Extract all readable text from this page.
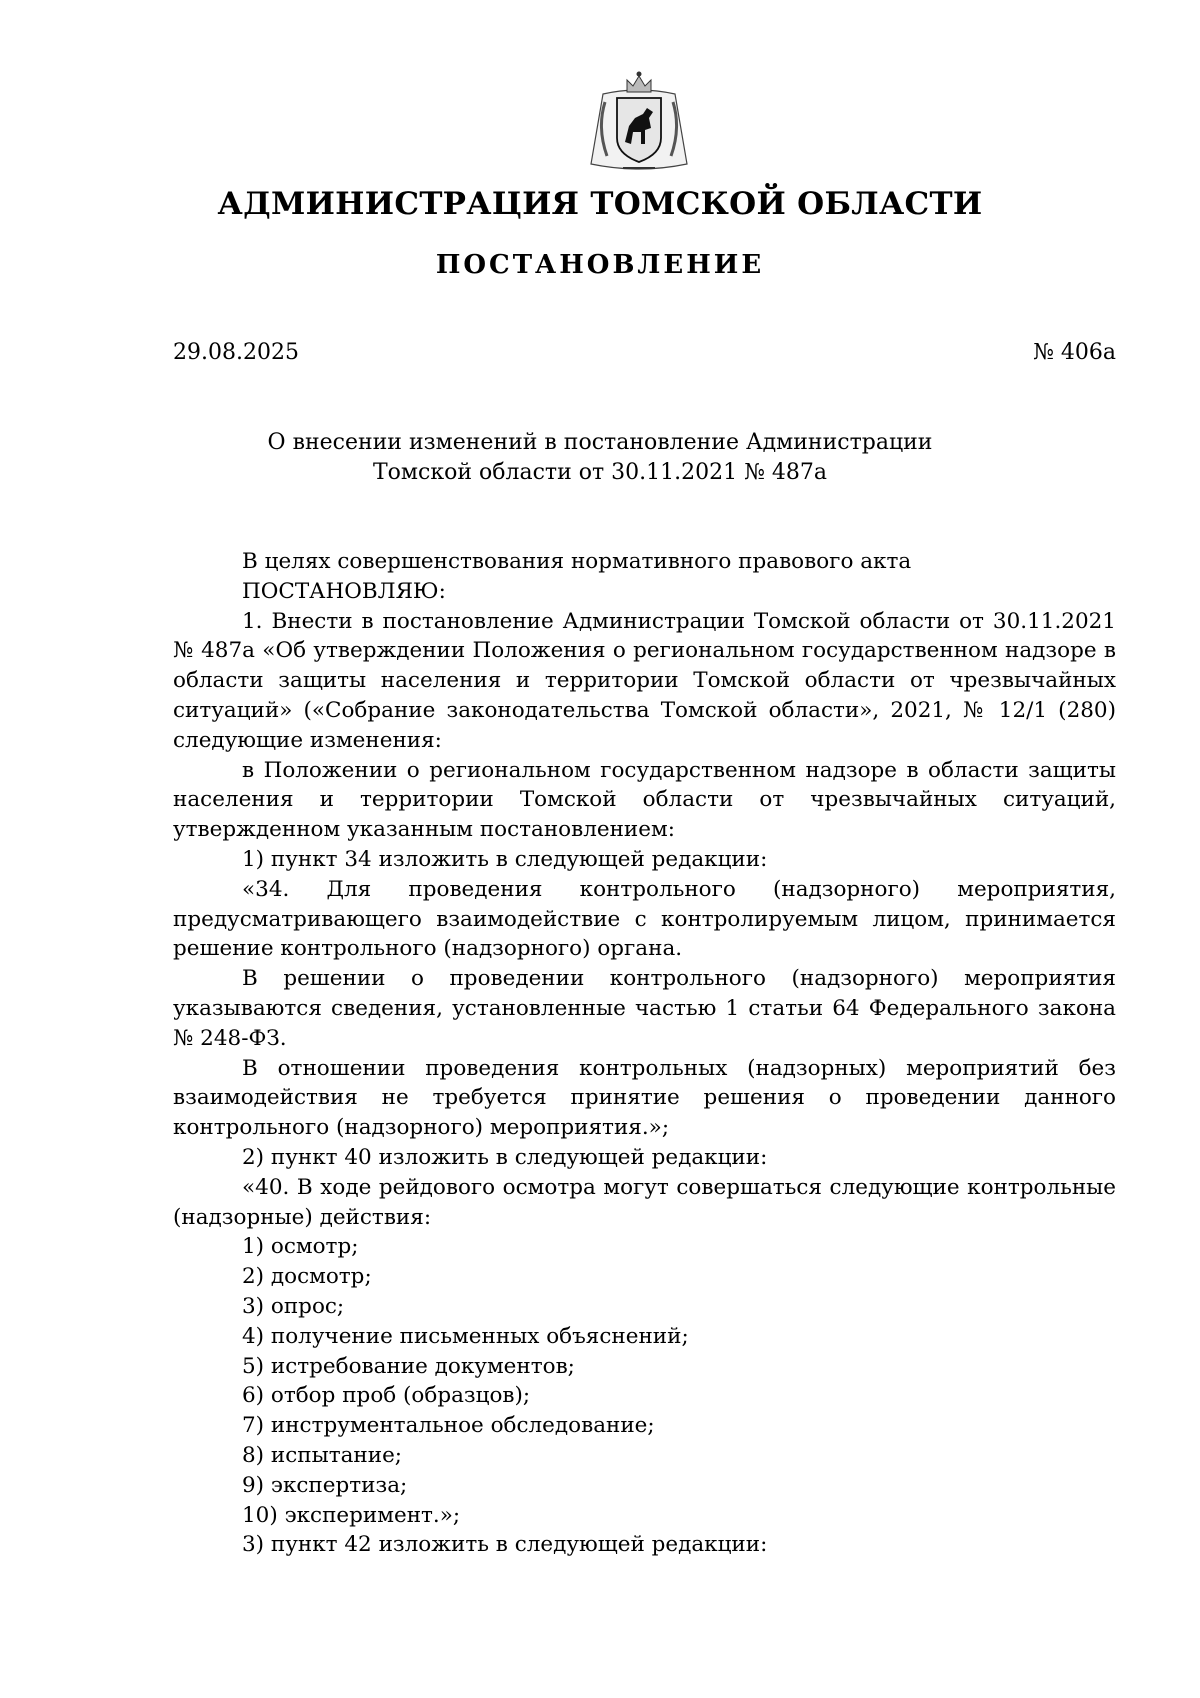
АДМИНИСТРАЦИЯ ТОМСКОЙ ОБЛАСТИ
ПОСТАНОВЛЕНИЕ
29.08.2025	№ 406а
О внесении изменений в постановление Администрации
Томской области от 30.11.2021 № 487а

В целях совершенствования нормативного правового акта

ПОСТАНОВЛЯЮ:

1. Внести в постановление Администрации Томской области от 30.11.2021 № 487а «Об утверждении Положения о региональном государственном надзоре в области защиты населения и территории Томской области от чрезвычайных ситуаций» («Собрание законодательства Томской области», 2021, № 12/1 (280) следующие изменения:

в Положении о региональном государственном надзоре в области защиты населения и территории Томской области от чрезвычайных ситуаций, утвержденном указанным постановлением:

1) пункт 34 изложить в следующей редакции:

«34. Для проведения контрольного (надзорного) мероприятия, предусматривающего взаимодействие с контролируемым лицом, принимается решение контрольного (надзорного) органа.

В решении о проведении контрольного (надзорного) мероприятия указываются сведения, установленные частью 1 статьи 64 Федерального закона № 248-ФЗ.

В отношении проведения контрольных (надзорных) мероприятий без взаимодействия не требуется принятие решения о проведении данного контрольного (надзорного) мероприятия.»;

2) пункт 40 изложить в следующей редакции:

«40. В ходе рейдового осмотра могут совершаться следующие контрольные (надзорные) действия:

1) осмотр;

2) досмотр;

3) опрос;

4) получение письменных объяснений;

5) истребование документов;

6) отбор проб (образцов);

7) инструментальное обследование;

8) испытание;

9) экспертиза;

10) эксперимент.»;

3) пункт 42 изложить в следующей редакции:
